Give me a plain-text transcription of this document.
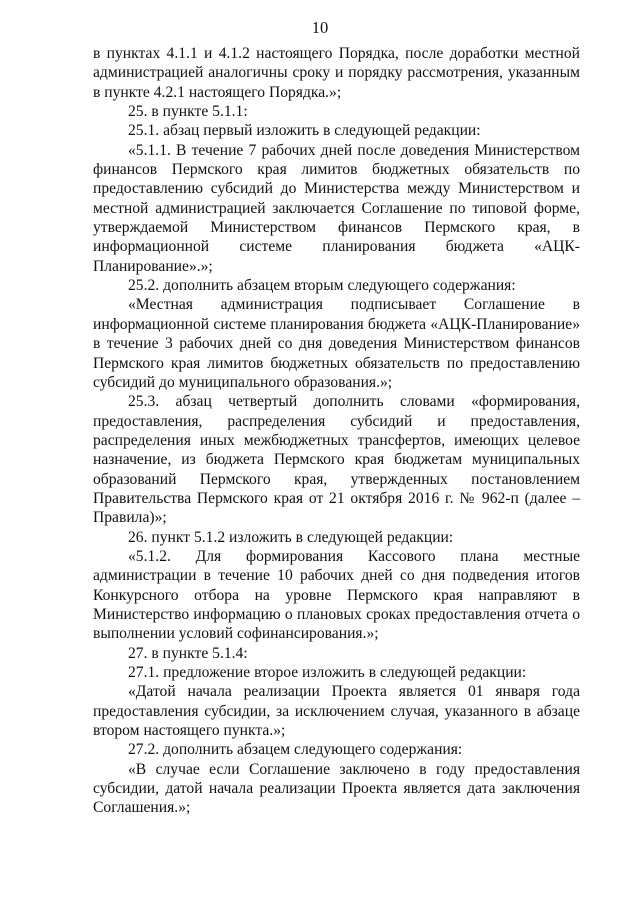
10

в пунктах 4.1.1 и 4.1.2 настоящего Порядка, после доработки местной администрацией аналогичны сроку и порядку рассмотрения, указанным в пункте 4.2.1 настоящего Порядка.»;

25. в пункте 5.1.1:

25.1. абзац первый изложить в следующей редакции:

«5.1.1. В течение 7 рабочих дней после доведения Министерством финансов Пермского края лимитов бюджетных обязательств по предоставлению субсидий до Министерства между Министерством и местной администрацией заключается Соглашение по типовой форме, утверждаемой Министерством финансов Пермского края, в информационной системе планирования бюджета «АЦК-Планирование».»;

25.2. дополнить абзацем вторым следующего содержания:

«Местная администрация подписывает Соглашение в информационной системе планирования бюджета «АЦК-Планирование» в течение 3 рабочих дней со дня доведения Министерством финансов Пермского края лимитов бюджетных обязательств по предоставлению субсидий до муниципального образования.»;

25.3. абзац четвертый дополнить словами «формирования, предоставления, распределения субсидий и предоставления, распределения иных межбюджетных трансфертов, имеющих целевое назначение, из бюджета Пермского края бюджетам муниципальных образований Пермского края, утвержденных постановлением Правительства Пермского края от 21 октября 2016 г. № 962-п (далее – Правила)»;

26. пункт 5.1.2 изложить в следующей редакции:

«5.1.2. Для формирования Кассового плана местные администрации в течение 10 рабочих дней со дня подведения итогов Конкурсного отбора на уровне Пермского края направляют в Министерство информацию о плановых сроках предоставления отчета о выполнении условий софинансирования.»;

27. в пункте 5.1.4:

27.1. предложение второе изложить в следующей редакции:

«Датой начала реализации Проекта является 01 января года предоставления субсидии, за исключением случая, указанного в абзаце втором настоящего пункта.»;

27.2. дополнить абзацем следующего содержания:

«В случае если Соглашение заключено в году предоставления субсидии, датой начала реализации Проекта является дата заключения Соглашения.»;
